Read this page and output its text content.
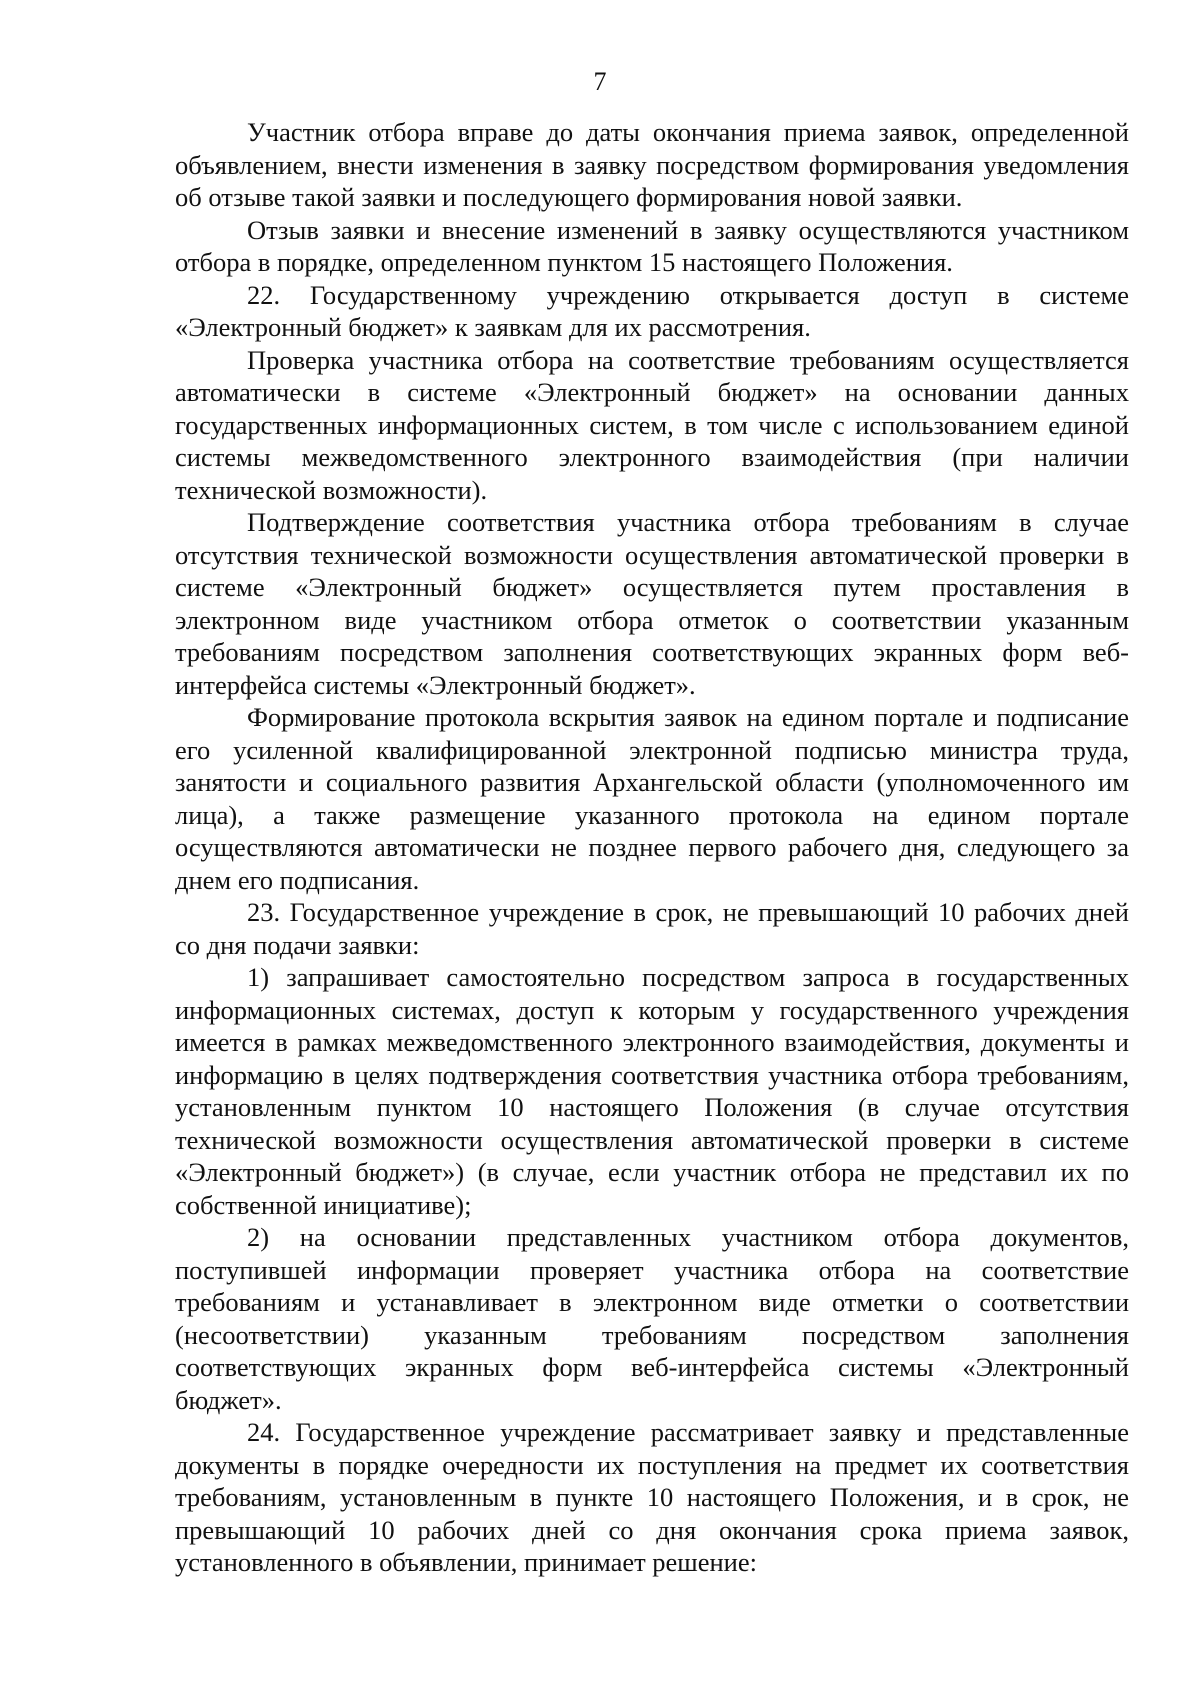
7

Участник отбора вправе до даты окончания приема заявок, определенной объявлением, внести изменения в заявку посредством формирования уведомления об отзыве такой заявки и последующего формирования новой заявки.

Отзыв заявки и внесение изменений в заявку осуществляются участником отбора в порядке, определенном пунктом 15 настоящего Положения.

22. Государственному учреждению открывается доступ в системе «Электронный бюджет» к заявкам для их рассмотрения.

Проверка участника отбора на соответствие требованиям осуществляется автоматически в системе «Электронный бюджет» на основании данных государственных информационных систем, в том числе с использованием единой системы межведомственного электронного взаимодействия (при наличии технической возможности).

Подтверждение соответствия участника отбора требованиям в случае отсутствия технической возможности осуществления автоматической проверки в системе «Электронный бюджет» осуществляется путем проставления в электронном виде участником отбора отметок о соответствии указанным требованиям посредством заполнения соответствующих экранных форм веб-интерфейса системы «Электронный бюджет».

Формирование протокола вскрытия заявок на едином портале и подписание его усиленной квалифицированной электронной подписью министра труда, занятости и социального развития Архангельской области (уполномоченного им лица), а также размещение указанного протокола на едином портале осуществляются автоматически не позднее первого рабочего дня, следующего за днем его подписания.

23. Государственное учреждение в срок, не превышающий 10 рабочих дней со дня подачи заявки:

1) запрашивает самостоятельно посредством запроса в государственных информационных системах, доступ к которым у государственного учреждения имеется в рамках межведомственного электронного взаимодействия, документы и информацию в целях подтверждения соответствия участника отбора требованиям, установленным пунктом 10 настоящего Положения (в случае отсутствия технической возможности осуществления автоматической проверки в системе «Электронный бюджет») (в случае, если участник отбора не представил их по собственной инициативе);

2) на основании представленных участником отбора документов, поступившей информации проверяет участника отбора на соответствие требованиям и устанавливает в электронном виде отметки о соответствии (несоответствии) указанным требованиям посредством заполнения соответствующих экранных форм веб-интерфейса системы «Электронный бюджет».

24. Государственное учреждение рассматривает заявку и представленные документы в порядке очередности их поступления на предмет их соответствия требованиям, установленным в пункте 10 настоящего Положения, и в срок, не превышающий 10 рабочих дней со дня окончания срока приема заявок, установленного в объявлении, принимает решение:
